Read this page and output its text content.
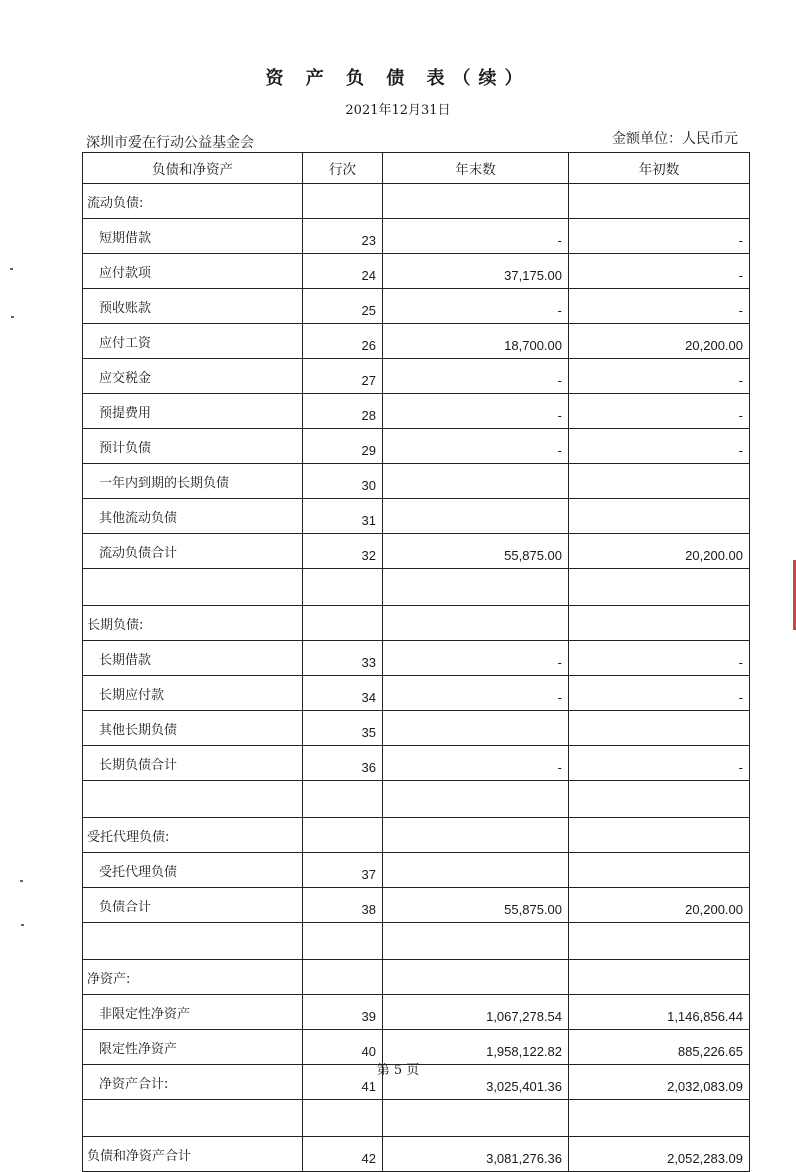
资 产 负 债 表（续）
2021年12月31日
深圳市爱在行动公益基金会	金额单位：人民币元
负债和净资产	行次	年末数	年初数
流动负债:			
短期借款	23	-	-
应付款项	24	37,175.00	-
预收账款	25	-	-
应付工资	26	18,700.00	20,200.00
应交税金	27	-	-
预提费用	28	-	-
预计负债	29	-	-
一年内到期的长期负债	30		
其他流动负债	31		
流动负债合计	32	55,875.00	20,200.00

长期负债:			
长期借款	33	-	-
长期应付款	34	-	-
其他长期负债	35		
长期负债合计	36	-	-

受托代理负债:			
受托代理负债	37		
负债合计	38	55,875.00	20,200.00

净资产:			
非限定性净资产	39	1,067,278.54	1,146,856.44
限定性净资产	40	1,958,122.82	885,226.65
净资产合计:	41	3,025,401.36	2,032,083.09

负债和净资产合计	42	3,081,276.36	2,052,283.09
第 5 页
